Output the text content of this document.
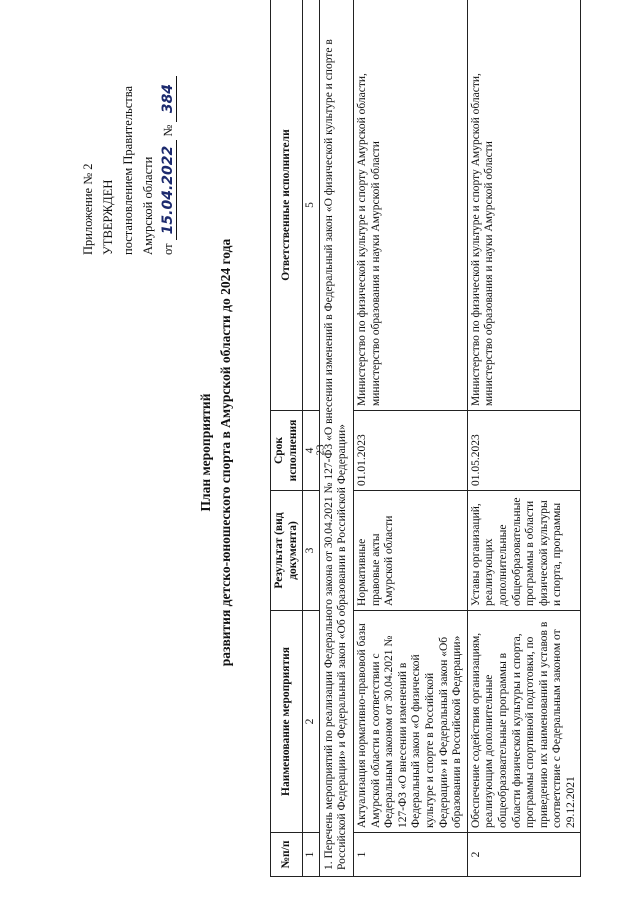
23
Приложение № 2 УТВЕРЖДЕН постановлением Правительства Амурской области от 15.04.2022 № 384
План мероприятий развития детско-юношеского спорта в Амурской области до 2024 года
№п/п	Наименование мероприятия	Результат (вид документа)	Срок исполнения	Ответственные исполнители
1	2	3	4	5
1. Перечень мероприятий по реализации Федерального закона от 30.04.2021 № 127-ФЗ «О внесении изменений в Федеральный закон «О физической культуре и спорте в Российской Федерации» и Федеральный закон «Об образовании в Российской Федерации»				
1	Актуализация нормативно-правовой базы Амурской области в соответствии с Федеральным законом от 30.04.2021 № 127-ФЗ «О внесении изменений в Федеральный закон «О физической культуре и спорте в Российской Федерации» и Федеральный закон «Об образовании в Российской Федерации»	Нормативные правовые акты Амурской области	01.01.2023	Министерство по физической культуре и спорту Амурской области, министерство образования и науки Амурской области
2	Обеспечение содействия организациям, реализующим дополнительные общеобразовательные программы в области физической культуры и спорта, программы спортивной подготовки, по приведению их наименований и уставов в соответствие с Федеральным законом от 29.12.2021	Уставы организаций, реализующих дополнительные общеобразовательные программы в области физической культуры и спорта, программы	01.05.2023	Министерство по физической культуре и спорту Амурской области, министерство образования и науки Амурской области
